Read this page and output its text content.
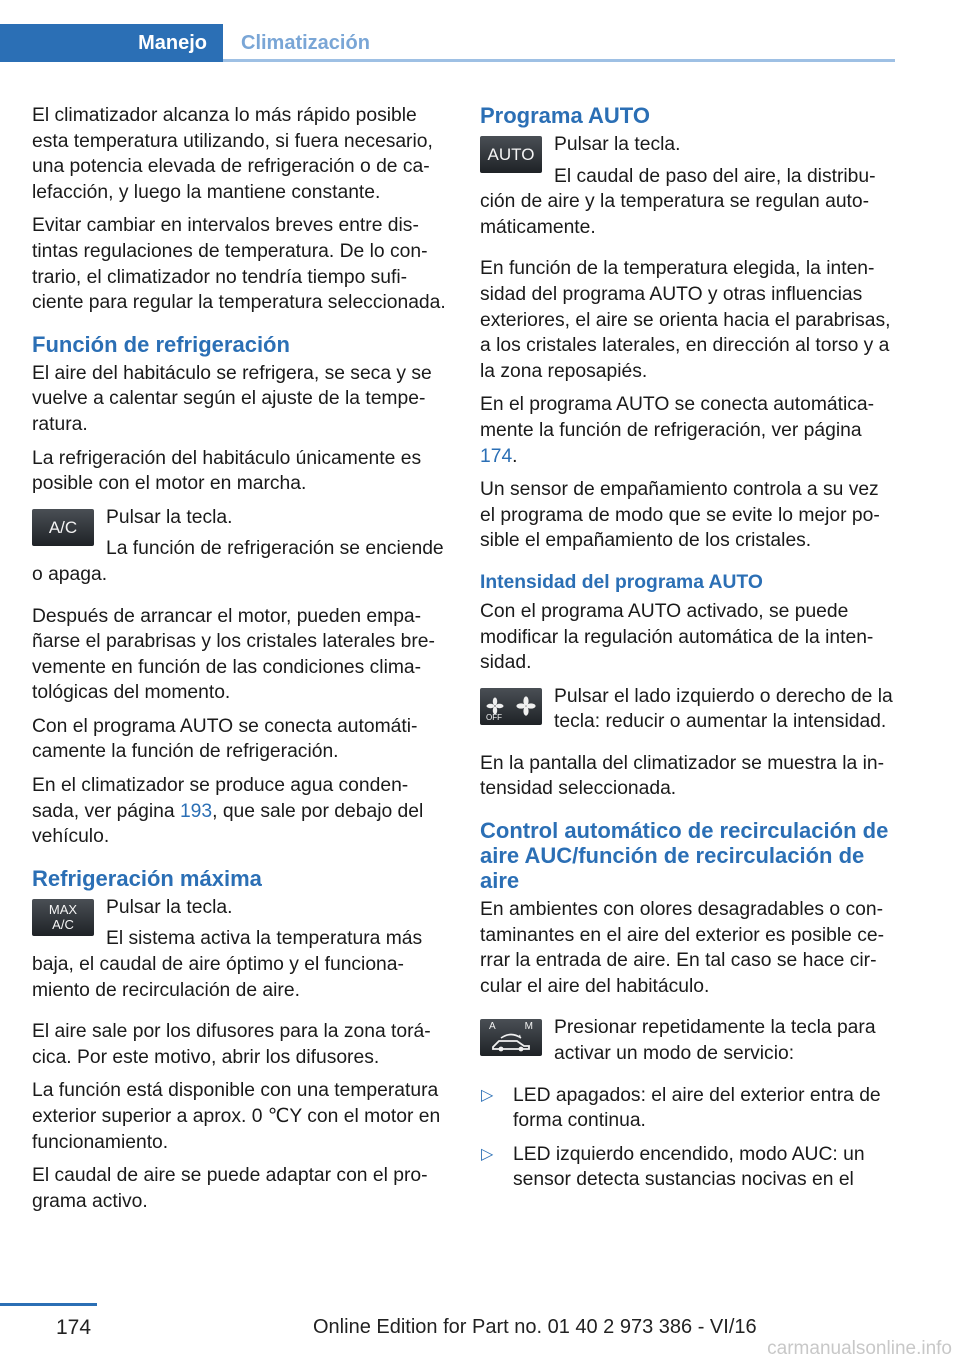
Manejo	Climatización

El climatizador alcanza lo más rápido posible esta temperatura utilizando, si fuera necesario, una potencia elevada de refrigeración o de calefacción, y luego la mantiene constante.

Evitar cambiar en intervalos breves entre distintas regulaciones de temperatura. De lo contrario, el climatizador no tendría tiempo suficiente para regular la temperatura seleccionada.

Función de refrigeración

El aire del habitáculo se refrigera, se seca y se vuelve a calentar según el ajuste de la temperatura.

La refrigeración del habitáculo únicamente es posible con el motor en marcha.

A/C	Pulsar la tecla.

La función de refrigeración se enciende o apaga.

Después de arrancar el motor, pueden empañarse el parabrisas y los cristales laterales brevemente en función de las condiciones climatológicas del momento.

Con el programa AUTO se conecta automáticamente la función de refrigeración.

En el climatizador se produce agua condensada, ver página 193, que sale por debajo del vehículo.

Refrigeración máxima
MAX
A/C

Pulsar la tecla.

El sistema activa la temperatura más baja, el caudal de aire óptimo y el funcionamiento de recirculación de aire.

El aire sale por los difusores para la zona torácica. Por este motivo, abrir los difusores.

La función está disponible con una temperatura exterior superior a aprox. 0 ℃Y con el motor en funcionamiento.

El caudal de aire se puede adaptar con el programa activo.

Programa AUTO
AUTO	Pulsar la tecla.

El caudal de paso del aire, la distribución de aire y la temperatura se regulan automáticamente.

En función de la temperatura elegida, la intensidad del programa AUTO y otras influencias exteriores, el aire se orienta hacia el parabrisas, a los cristales laterales, en dirección al torso y a la zona reposapiés.

En el programa AUTO se conecta automáticamente la función de refrigeración, ver página 174.

Un sensor de empañamiento controla a su vez el programa de modo que se evite lo mejor posible el empañamiento de los cristales.

Intensidad del programa AUTO

Con el programa AUTO activado, se puede modificar la regulación automática de la intensidad.

OFF

Pulsar el lado izquierdo o derecho de la tecla: reducir o aumentar la intensidad.

En la pantalla del climatizador se muestra la intensidad seleccionada.

Control automático de recirculación de aire AUC/función de recirculación de aire

En ambientes con olores desagradables o contaminantes en el aire del exterior es posible cerrar la entrada de aire. En tal caso se hace circular el aire del habitáculo.

A	M	Presionar repetidamente la tecla para activar un modo de servicio:

▷ LED apagados: el aire del exterior entra de forma continua.
▷ LED izquierdo encendido, modo AUC: un sensor detecta sustancias nocivas en el
174	Online Edition for Part no. 01 40 2 973 386 - VI/16
carmanualsonline.info
